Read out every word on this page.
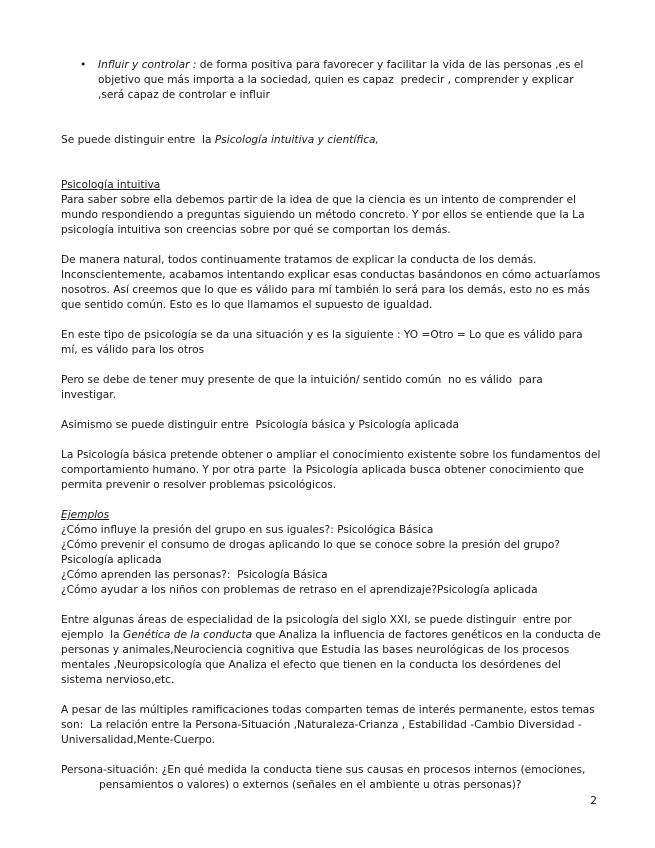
• Influir y controlar : de forma positiva para favorecer y facilitar la vida de las personas ,es el objetivo que más importa a la sociedad, quien es capaz  predecir , comprender y explicar ,será capaz de controlar e influir

Se puede distinguir entre  la Psicología intuitiva y científica,

Psicología intuitiva

Para saber sobre ella debemos partir de la idea de que la ciencia es un intento de comprender el mundo respondiendo a preguntas siguiendo un método concreto. Y por ellos se entiende que la La psicología intuitiva son creencias sobre por qué se comportan los demás.

De manera natural, todos continuamente tratamos de explicar la conducta de los demás. Inconscientemente, acabamos intentando explicar esas conductas basándonos en cómo actuaríamos nosotros. Así creemos que lo que es válido para mí también lo será para los demás, esto no es más que sentido común. Esto es lo que llamamos el supuesto de igualdad.

En este tipo de psicología se da una situación y es la siguiente : YO =Otro = Lo que es válido para mí, es válido para los otros

Pero se debe de tener muy presente de que la intuición/ sentido común  no es válido  para investigar.

Asimismo se puede distinguir entre  Psicología básica y Psicología aplicada

La Psicología básica pretende obtener o ampliar el conocimiento existente sobre los fundamentos del comportamiento humano. Y por otra parte  la Psicología aplicada busca obtener conocimiento que permita prevenir o resolver problemas psicológicos.

Ejemplos

¿Cómo influye la presión del grupo en sus iguales?: Psicológica Básica

¿Cómo prevenir el consumo de drogas aplicando lo que se conoce sobre la presión del grupo? Psicología aplicada

¿Cómo aprenden las personas?:  Psicología Básica

¿Cómo ayudar a los niños con problemas de retraso en el aprendizaje?Psicología aplicada

Entre algunas áreas de especialidad de la psicología del siglo XXI, se puede distinguir  entre por ejemplo  la Genética de la conducta que Analiza la influencia de factores genéticos en la conducta de personas y animales,Neurociencia cognitiva que Estudia las bases neurológicas de los procesos mentales ,Neuropsicología que Analiza el efecto que tienen en la conducta los desórdenes del sistema nervioso,etc.

A pesar de las múltiples ramificaciones todas comparten temas de interés permanente, estos temas son:  La relación entre la Persona-Situación ,Naturaleza-Crianza , Estabilidad -Cambio Diversidad -Universalidad,Mente-Cuerpo.

Persona-situación: ¿En qué medida la conducta tiene sus causas en procesos internos (emociones, pensamientos o valores) o externos (señales en el ambiente u otras personas)?

2
